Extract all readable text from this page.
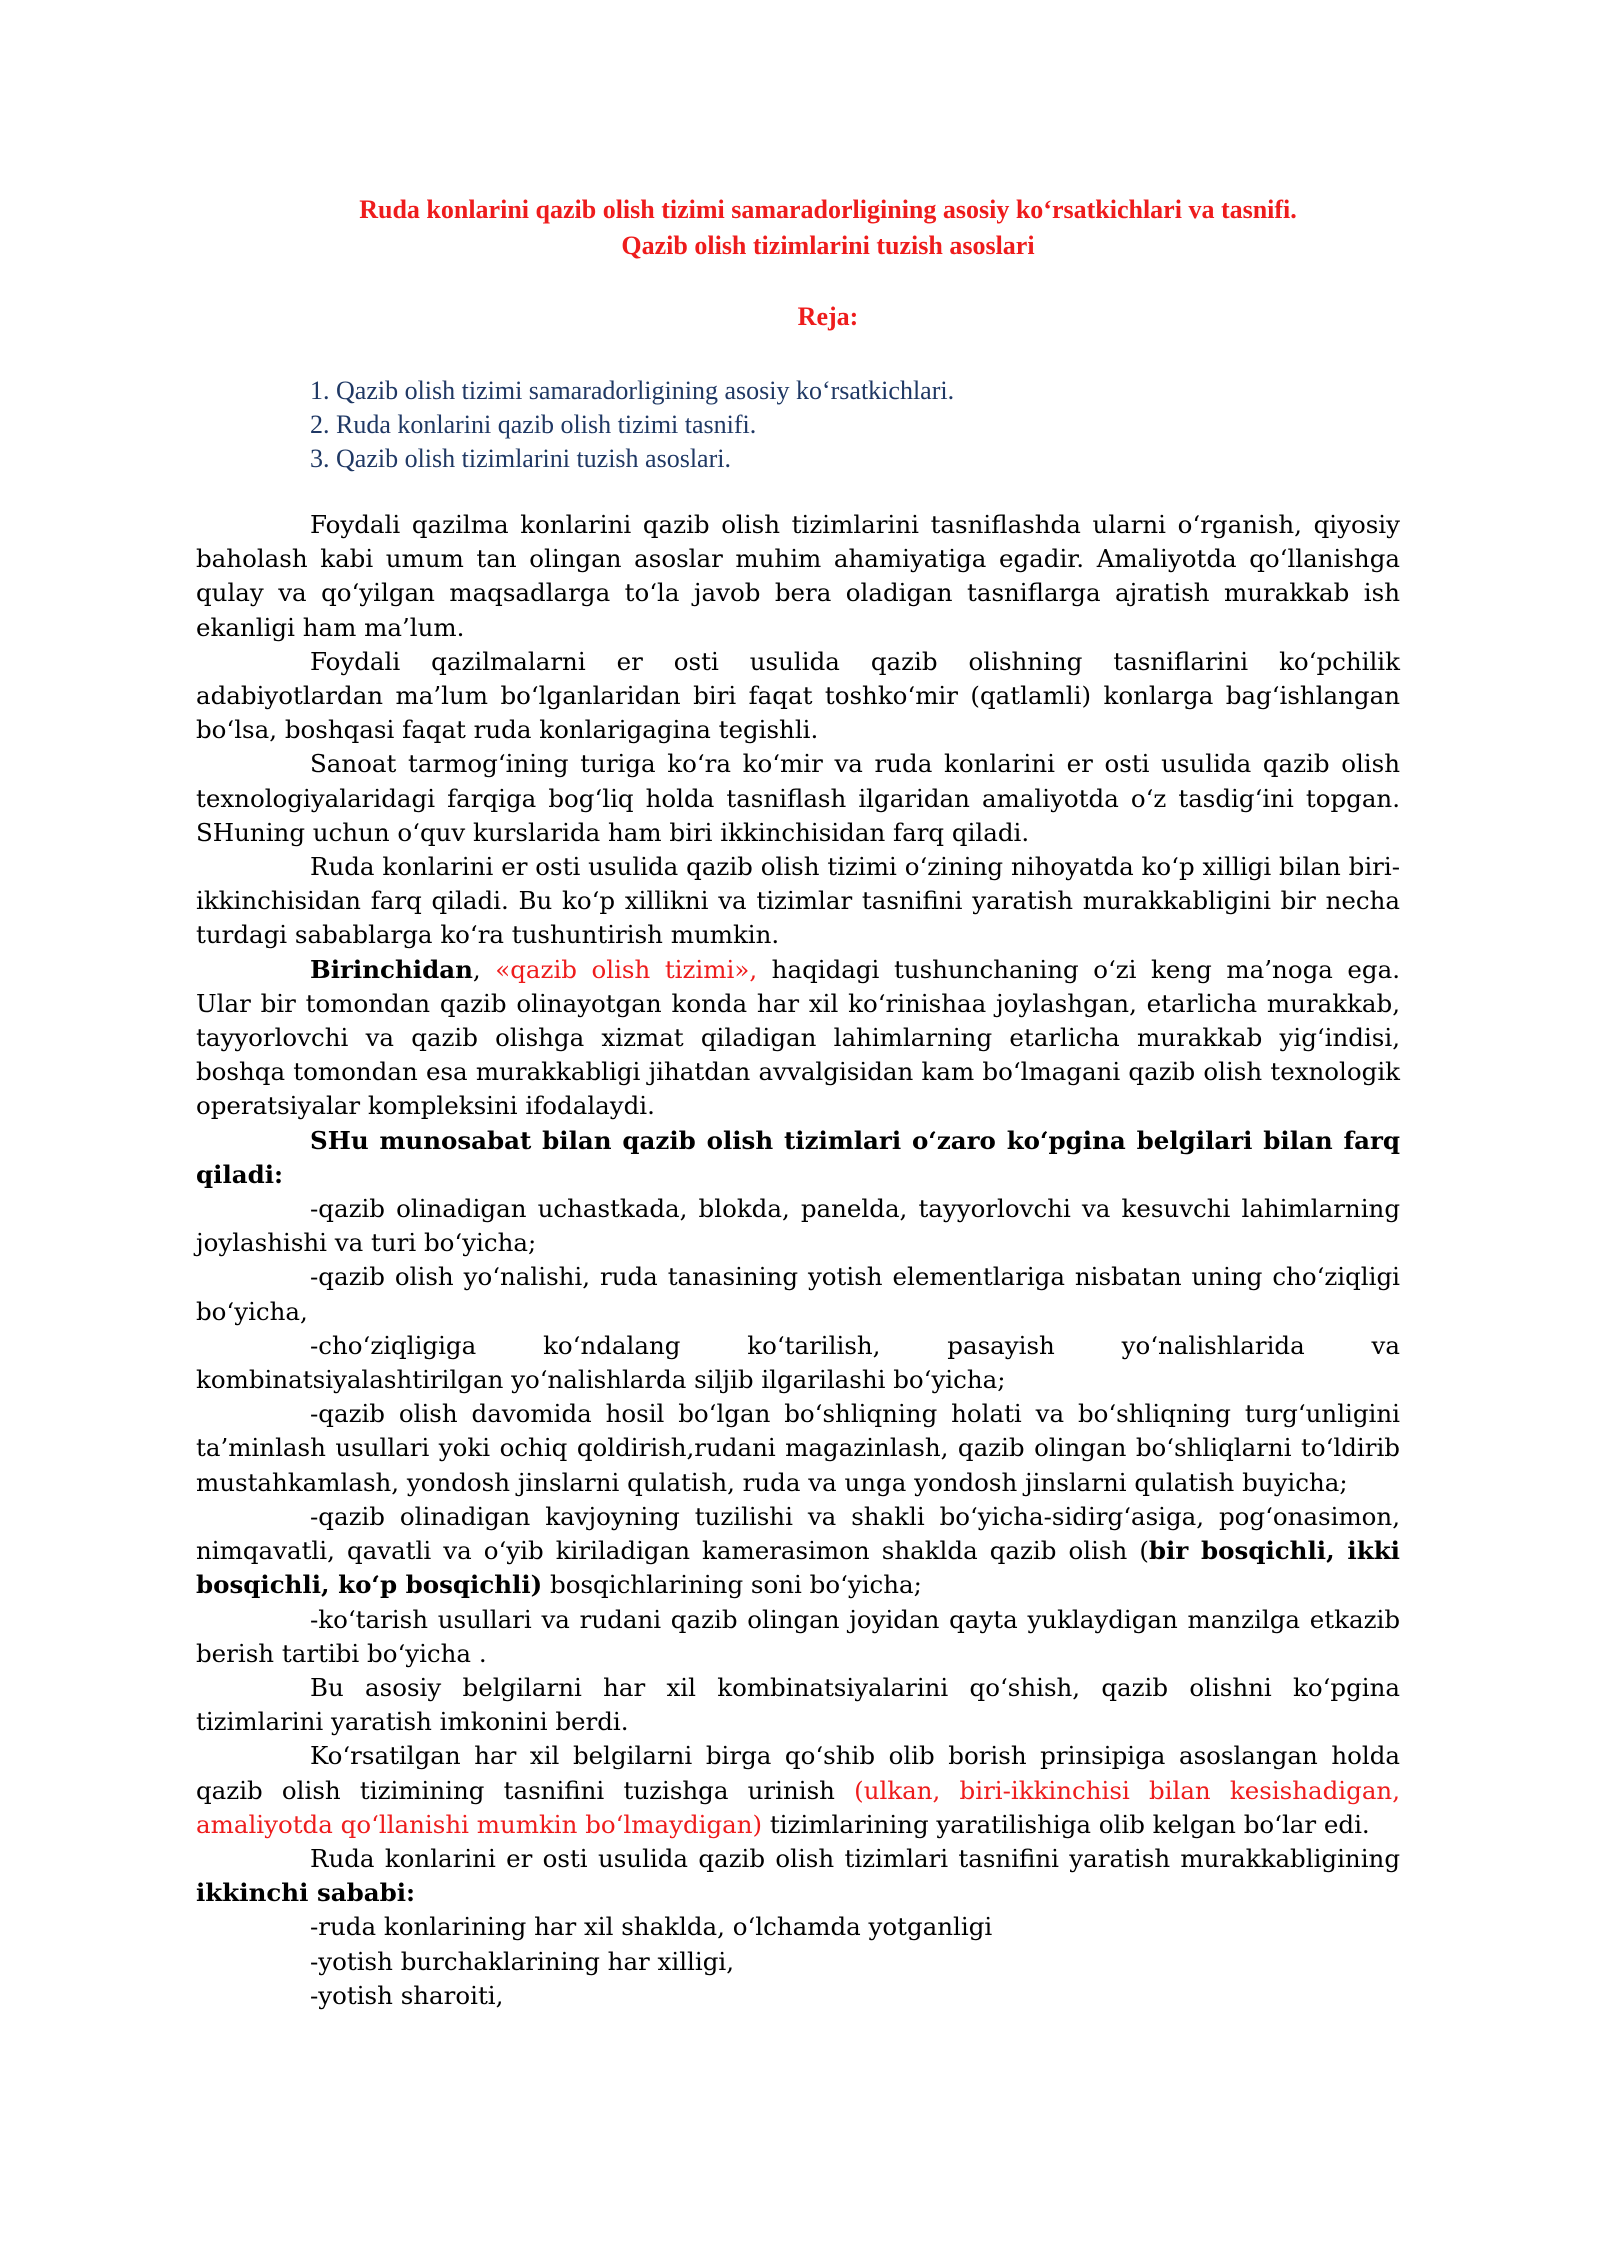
Ruda konlarini qazib olish tizimi samaradorligining asosiy ko‘rsatkichlari va tasnifi.
Qazib olish tizimlarini tuzish asoslari
Reja:
1. Qazib olish tizimi samaradorligining asosiy ko‘rsatkichlari.
2. Ruda konlarini qazib olish tizimi tasnifi.
3. Qazib olish tizimlarini tuzish asoslari.

Foydali qazilma konlarini qazib olish tizimlarini tasniflashda ularni o‘rganish, qiyosiy baholash kabi umum tan olingan asoslar muhim ahamiyatiga egadir. Amaliyotda qo‘llanishga qulay va qo‘yilgan maqsadlarga to‘la javob bera oladigan tasniflarga ajratish murakkab ish ekanligi ham ma’lum.

Foydali qazilmalarni er osti usulida qazib olishning tasniflarini ko‘pchilik adabiyotlardan ma’lum bo‘lganlaridan biri faqat toshko‘mir (qatlamli) konlarga bag‘ishlangan bo‘lsa, boshqasi faqat ruda konlarigagina tegishli.

Sanoat tarmog‘ining turiga ko‘ra ko‘mir va ruda konlarini er osti usulida qazib olish texnologiyalaridagi farqiga bog‘liq holda tasniflash ilgaridan amaliyotda o‘z tasdig‘ini topgan. SHuning uchun o‘quv kurslarida ham biri ikkinchisidan farq qiladi.

Ruda konlarini er osti usulida qazib olish tizimi o‘zining nihoyatda ko‘p xilligi bilan biri-ikkinchisidan farq qiladi. Bu ko‘p xillikni va tizimlar tasnifini yaratish murakkabligini bir necha turdagi sabablarga ko‘ra tushuntirish mumkin.

Birinchidan, «qazib olish tizimi», haqidagi tushunchaning o‘zi keng ma’noga ega. Ular bir tomondan qazib olinayotgan konda har xil ko‘rinishaa joylashgan, etarlicha murakkab, tayyorlovchi va qazib olishga xizmat qiladigan lahimlarning etarlicha murakkab yig‘indisi, boshqa tomondan esa murakkabligi jihatdan avvalgisidan kam bo‘lmagani qazib olish texnologik operatsiyalar kompleksini ifodalaydi.

SHu munosabat bilan qazib olish tizimlari o‘zaro ko‘pgina belgilari bilan farq qiladi:

-qazib olinadigan uchastkada, blokda, panelda, tayyorlovchi va kesuvchi lahimlarning joylashishi va turi bo‘yicha;

-qazib olish yo‘nalishi, ruda tanasining yotish elementlariga nisbatan uning cho‘ziqligi bo‘yicha,

-cho‘ziqligiga ko‘ndalang ko‘tarilish, pasayish yo‘nalishlarida va kombinatsiyalashtirilgan yo‘nalishlarda siljib ilgarilashi bo‘yicha;

-qazib olish davomida hosil bo‘lgan bo‘shliqning holati va bo‘shliqning turg‘unligini ta’minlash usullari yoki ochiq qoldirish,rudani magazinlash, qazib olingan bo‘shliqlarni to‘ldirib mustahkamlash, yondosh jinslarni qulatish, ruda va unga yondosh jinslarni qulatish buyicha;

-qazib olinadigan kavjoyning tuzilishi va shakli bo‘yicha-sidirg‘asiga, pog‘onasimon, nimqavatli, qavatli va o‘yib kiriladigan kamerasimon shaklda qazib olish (bir bosqichli, ikki bosqichli, ko‘p bosqichli) bosqichlarining soni bo‘yicha;

-ko‘tarish usullari va rudani qazib olingan joyidan qayta yuklaydigan manzilga etkazib berish tartibi bo‘yicha .

Bu asosiy belgilarni har xil kombinatsiyalarini qo‘shish, qazib olishni ko‘pgina tizimlarini yaratish imkonini berdi.

Ko‘rsatilgan har xil belgilarni birga qo‘shib olib borish prinsipiga asoslangan holda qazib olish tizimining tasnifini tuzishga urinish (ulkan, biri-ikkinchisi bilan kesishadigan, amaliyotda qo‘llanishi mumkin bo‘lmaydigan) tizimlarining yaratilishiga olib kelgan bo‘lar edi.

Ruda konlarini er osti usulida qazib olish tizimlari tasnifini yaratish murakkabligining ikkinchi sababi:

-ruda konlarining har xil shaklda, o‘lchamda yotganligi

-yotish burchaklarining har xilligi,

-yotish sharoiti,
